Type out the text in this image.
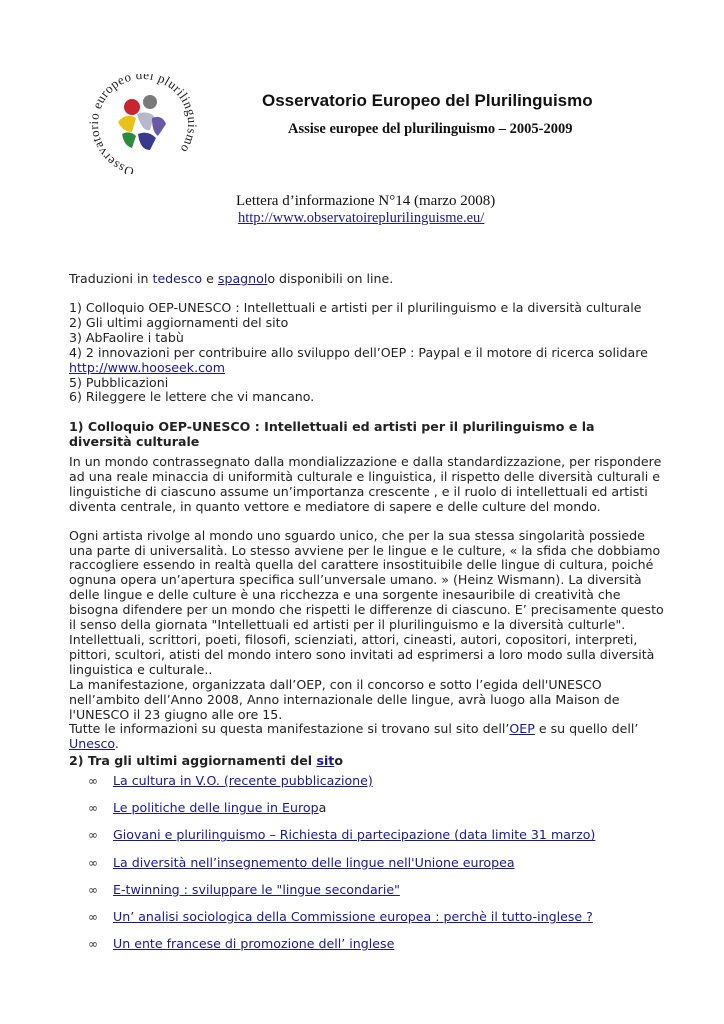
Osservato europeo del pluriling mo
Osservatorio Europeo del Plurilinguismo
Assise europee del plurilinguismo – 2005-2009
Lettera d’informazione N°14 (marzo 2008)
http://www.observatoireplurilinguisme.eu/
Traduzioni in tedesco e spagnolo disponibili on line.
1) Colloquio OEP-UNESCO : Intellettuali e artisti per il plurilinguismo e la diversità culturale
2) Gli ultimi aggiornamenti del sito
3) AbFaolire i tabù
4) 2 innovazioni per contribuire allo sviluppo dell’OEP : Paypal e il motore di ricerca solidare
http://www.hooseek.com
5) Pubblicazioni
6) Rileggere le lettere che vi mancano.
1) Colloquio OEP-UNESCO : Intellettuali ed artisti per il plurilinguismo e la diversità culturale

In un mondo contrassegnato dalla mondializzazione e dalla standardizzazione, per rispondere ad una reale minaccia di uniformità culturale e linguistica, il rispetto delle diversità culturali e linguistiche di ciascuno assume un’importanza crescente , e il ruolo di intellettuali ed artisti diventa centrale, in quanto vettore e mediatore di sapere e delle culture del mondo.

Ogni artista rivolge al mondo uno sguardo unico, che per la sua stessa singolarità possiede una parte di universalità. Lo stesso avviene per le lingue e le culture, « la sfida che dobbiamo raccogliere essendo in realtà quella del carattere insostituibile delle lingue di cultura, poiché ognuna opera un’apertura specifica sull’unversale umano. » (Heinz Wismann). La diversità delle lingue e delle culture è una ricchezza e una sorgente inesauribile di creatività che bisogna difendere per un mondo che rispetti le differenze di ciascuno. E’ precisamente questo il senso della giornata "Intellettuali ed artisti per il plurilinguismo e la diversità culturle". Intellettuali, scrittori, poeti, filosofi, scienziati, attori, cineasti, autori, copositori, interpreti, pittori, scultori, atisti del mondo intero sono invitati ad esprimersi a loro modo sulla diversità linguistica e culturale..

La manifestazione, organizzata dall’OEP, con il concorso e sotto l’egida dell'UNESCO nell’ambito dell’Anno 2008, Anno internazionale delle lingue, avrà luogo alla Maison de l'UNESCO il 23 giugno alle ore 15.
Tutte le informazioni su questa manifestazione si trovano sul sito dell’OEP e su quello dell’ Unesco.
2) Tra gli ultimi aggiornamenti del sito
∞	La cultura in V.O. (recente pubblicazione)
∞	Le politiche delle lingue in Europ a
∞	Giovani e plurilinguismo – Richiesta di partecipazione (data limite 31 marzo)
∞	La diversità nell’insegnemento delle lingue nell'Unione europea
∞	E-twinning : sviluppare le "lingue secondarie"
∞	Un’ analisi sociologica della Commissione europea : perchè il tutto-inglese ?
∞	Un ente francese di promozione dell’ inglese
